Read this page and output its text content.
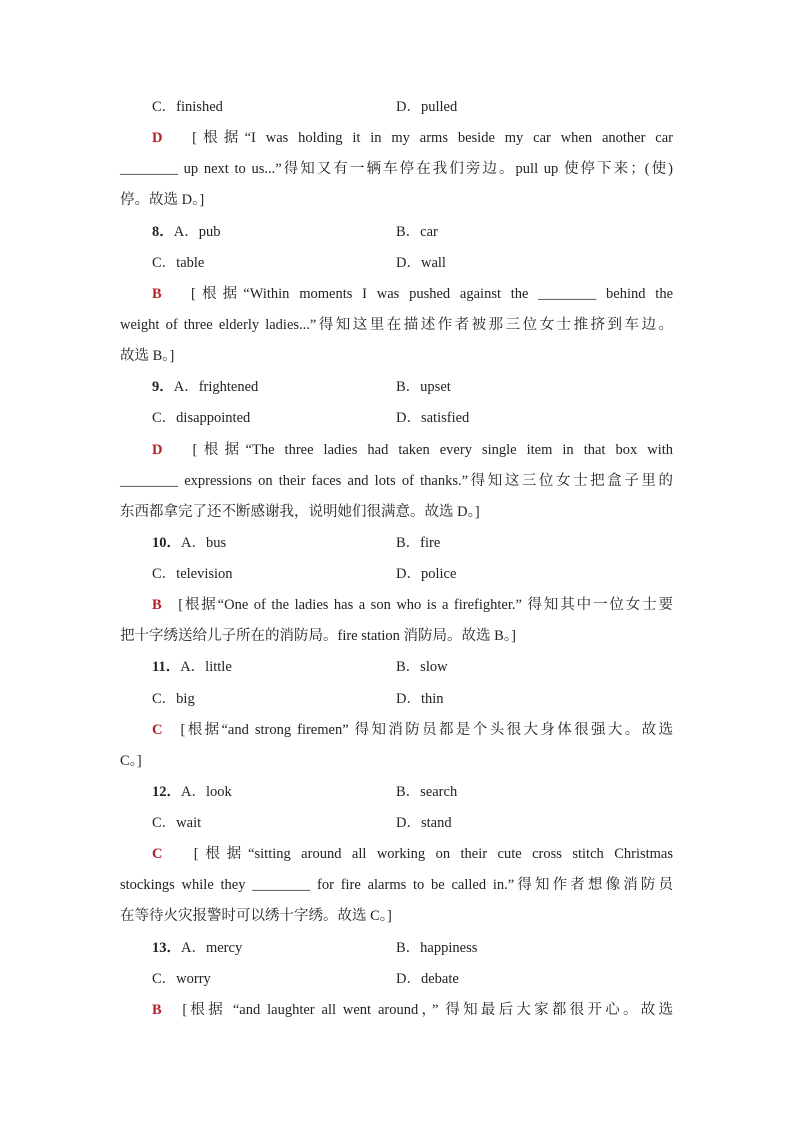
C．finished	D．pulled
D [根据“I was holding it in my arms beside my car when another car
________ up next to us...”得知又有一辆车停在我们旁边。pull up 使停下来；(使)
停。故选 D。]
8．A．pub	B．car
C．table	D．wall
B [根据“Within moments I was pushed against the ________ behind the
weight of three elderly ladies...”得知这里在描述作者被那三位女士推挤到车边。
故选 B。]
9．A．frightened	B．upset
C．disappointed	D．satisfied
D [根据“The three ladies had taken every single item in that box with
________ expressions on their faces and lots of thanks.”得知这三位女士把盒子里的
东西都拿完了还不断感谢我，说明她们很满意。故选 D。]
10．A．bus	B．fire
C．television	D．police
B [根据“One of the ladies has a son who is a firefighter.” 得知其中一位女士要
把十字绣送给儿子所在的消防局。fire station 消防局。故选 B。]
11．A．little	B．slow
C．big	D．thin
C [根据“and strong firemen” 得知消防员都是个头很大身体很强大。故选
C。]
12．A．look	B．search
C．wait	D．stand
C [根据“sitting around all working on their cute cross stitch Christmas
stockings while they ________ for fire alarms to be called in.”得知作者想像消防员
在等待火灾报警时可以绣十字绣。故选 C。]
13．A．mercy	B．happiness
C．worry	D．debate
B [根据 “and laughter all went around，” 得知最后大家都很开心。故选
